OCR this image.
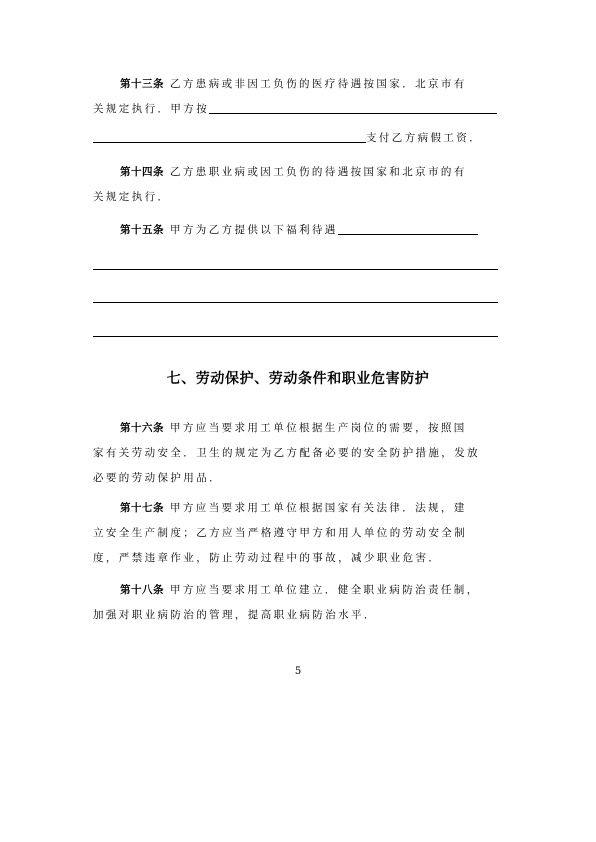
第十三条 乙方患病或非因工负伤的医疗待遇按国家．北京市有
关规定执行．甲方按
支付乙方病假工资．
第十四条 乙方患职业病或因工负伤的待遇按国家和北京市的有
关规定执行．
第十五条 甲方为乙方提供以下福利待遇
七、劳动保护、劳动条件和职业危害防护
第十六条 甲方应当要求用工单位根据生产岗位的需要，按照国
家有关劳动安全．卫生的规定为乙方配备必要的安全防护措施，发放
必要的劳动保护用品．
第十七条 甲方应当要求用工单位根据国家有关法律．法规，建
立安全生产制度；乙方应当严格遵守甲方和用人单位的劳动安全制
度，严禁违章作业，防止劳动过程中的事故，减少职业危害．
第十八条 甲方应当要求用工单位建立．健全职业病防治责任制，
加强对职业病防治的管理，提高职业病防治水平．
5
